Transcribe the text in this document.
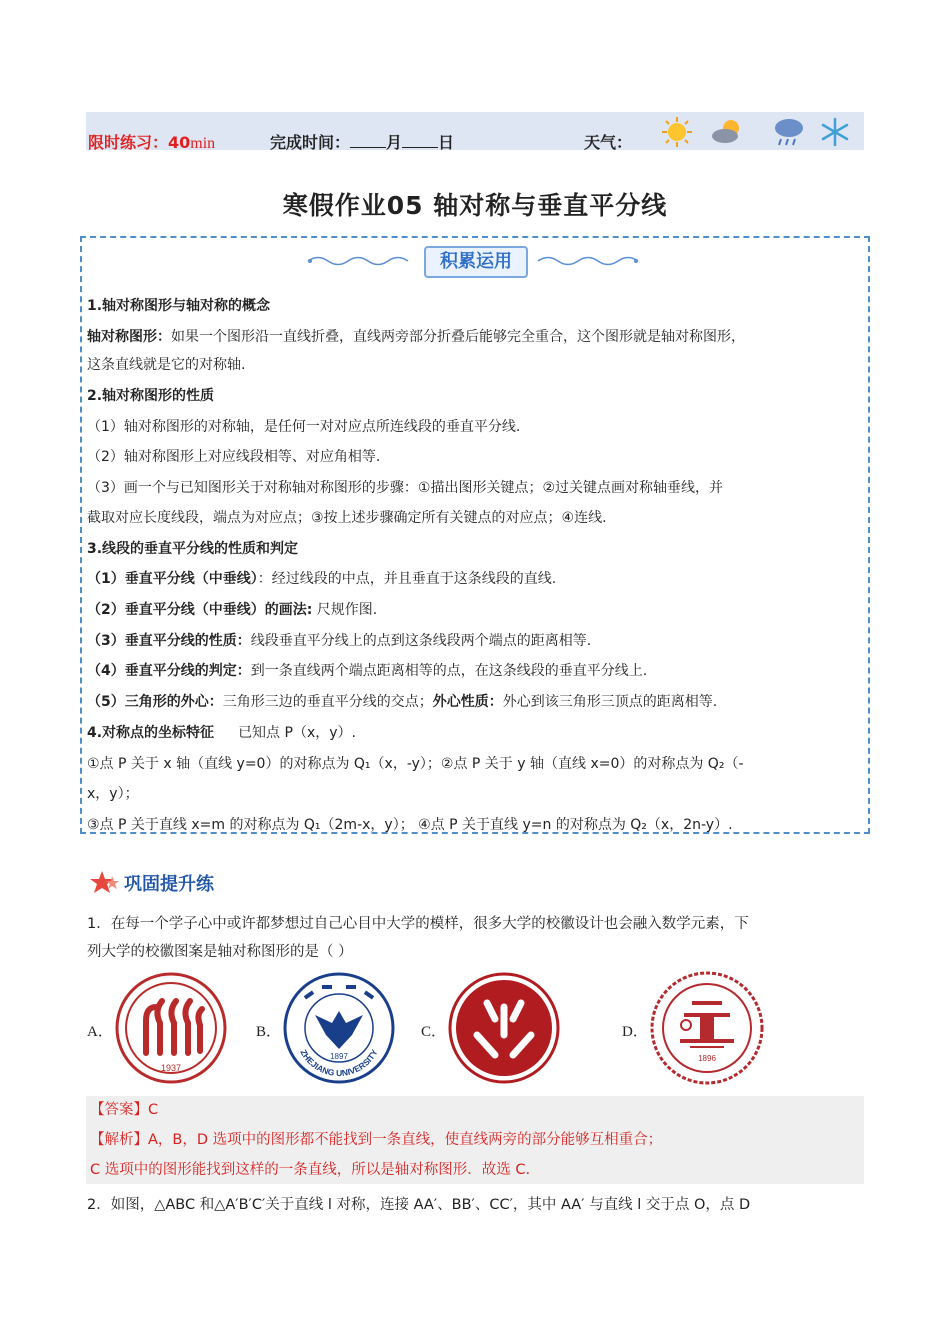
限时练习：40min	完成时间： 月 日	天气：
寒假作业05 轴对称与垂直平分线
积累运用
1.轴对称图形与轴对称的概念
轴对称图形：如果一个图形沿一直线折叠，直线两旁部分折叠后能够完全重合，这个图形就是轴对称图形，
这条直线就是它的对称轴.
2.轴对称图形的性质
（1）轴对称图形的对称轴，是任何一对对应点所连线段的垂直平分线.
（2）轴对称图形上对应线段相等、对应角相等.
（3）画一个与已知图形关于对称轴对称图形的步骤：①描出图形关键点；②过关键点画对称轴垂线，并
截取对应长度线段，端点为对应点；③按上述步骤确定所有关键点的对应点；④连线.
3.线段的垂直平分线的性质和判定
（1）垂直平分线（中垂线）：经过线段的中点，并且垂直于这条线段的直线.
（2）垂直平分线（中垂线）的画法: 尺规作图.
（3）垂直平分线的性质：线段垂直平分线上的点到这条线段两个端点的距离相等.
（4）垂直平分线的判定：到一条直线两个端点距离相等的点，在这条线段的垂直平分线上.
（5）三角形的外心：三角形三边的垂直平分线的交点；外心性质：外心到该三角形三顶点的距离相等.
4.对称点的坐标特征 已知点 P（x，y）.
①点 P 关于 x 轴（直线 y=0）的对称点为 Q₁（x，-y）；②点 P 关于 y 轴（直线 x=0）的对称点为 Q₂（-
x，y）；
③点 P 关于直线 x=m 的对称点为 Q₁（2m-x，y）； ④点 P 关于直线 y=n 的对称点为 Q₂（x，2n-y）.
巩固提升练
1．在每一个学子心中或许都梦想过自己心目中大学的模样，很多大学的校徽设计也会融入数学元素，下
列大学的校徽图案是轴对称图形的是（ ）
A．
1937
B．
1897
ZHEJIANG UNIVERSITY
C．	D．
1896
【答案】C
【解析】A，B，D 选项中的图形都不能找到一条直线，使直线两旁的部分能够互相重合；
C 选项中的图形能找到这样的一条直线，所以是轴对称图形．故选 C.
2．如图，△ABC 和△A′B′C′关于直线 l 对称，连接 AA′、BB′、CC′，其中 AA′ 与直线 l 交于点 O，点 D
